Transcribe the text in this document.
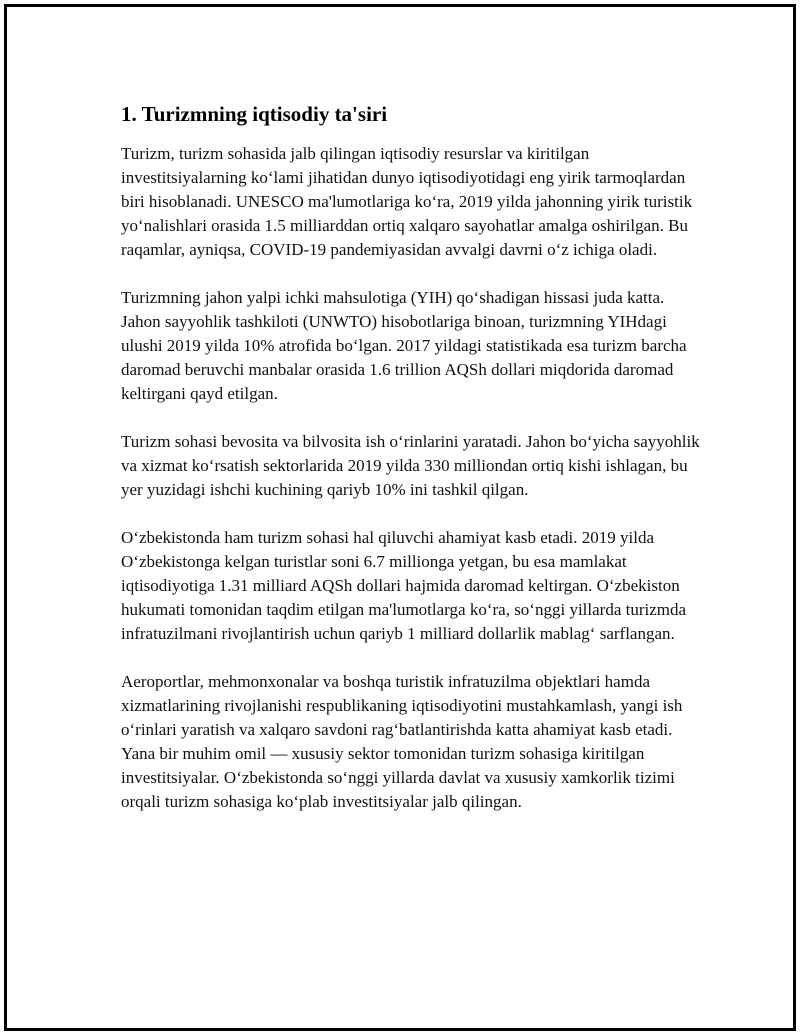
1. Turizmning iqtisodiy ta'siri

Turizm, turizm sohasida jalb qilingan iqtisodiy resurslar va kiritilgan investitsiyalarning koʻlami jihatidan dunyo iqtisodiyotidagi eng yirik tarmoqlardan biri hisoblanadi. UNESCO ma'lumotlariga koʻra, 2019 yilda jahonning yirik turistik yoʻnalishlari orasida 1.5 milliarddan ortiq xalqaro sayohatlar amalga oshirilgan. Bu raqamlar, ayniqsa, COVID-19 pandemiyasidan avvalgi davrni oʻz ichiga oladi.

Turizmning jahon yalpi ichki mahsulotiga (YIH) qoʻshadigan hissasi juda katta. Jahon sayyohlik tashkiloti (UNWTO) hisobotlariga binoan, turizmning YIHdagi ulushi 2019 yilda 10% atrofida boʻlgan. 2017 yildagi statistikada esa turizm barcha daromad beruvchi manbalar orasida 1.6 trillion AQSh dollari miqdorida daromad keltirgani qayd etilgan.

Turizm sohasi bevosita va bilvosita ish oʻrinlarini yaratadi. Jahon boʻyicha sayyohlik va xizmat koʻrsatish sektorlarida 2019 yilda 330 milliondan ortiq kishi ishlagan, bu yer yuzidagi ishchi kuchining qariyb 10% ini tashkil qilgan.

Oʻzbekistonda ham turizm sohasi hal qiluvchi ahamiyat kasb etadi. 2019 yilda Oʻzbekistonga kelgan turistlar soni 6.7 millionga yetgan, bu esa mamlakat iqtisodiyotiga 1.31 milliard AQSh dollari hajmida daromad keltirgan. Oʻzbekiston hukumati tomonidan taqdim etilgan ma'lumotlarga koʻra, soʻnggi yillarda turizmda infratuzilmani rivojlantirish uchun qariyb 1 milliard dollarlik mablagʻ sarflangan.

Aeroportlar, mehmonxonalar va boshqa turistik infratuzilma objektlari hamda xizmatlarining rivojlanishi respublikaning iqtisodiyotini mustahkamlash, yangi ish oʻrinlari yaratish va xalqaro savdoni ragʻbatlantirishda katta ahamiyat kasb etadi. Yana bir muhim omil — xususiy sektor tomonidan turizm sohasiga kiritilgan investitsiyalar. Oʻzbekistonda soʻnggi yillarda davlat va xususiy xamkorlik tizimi orqali turizm sohasiga koʻplab investitsiyalar jalb qilingan.
